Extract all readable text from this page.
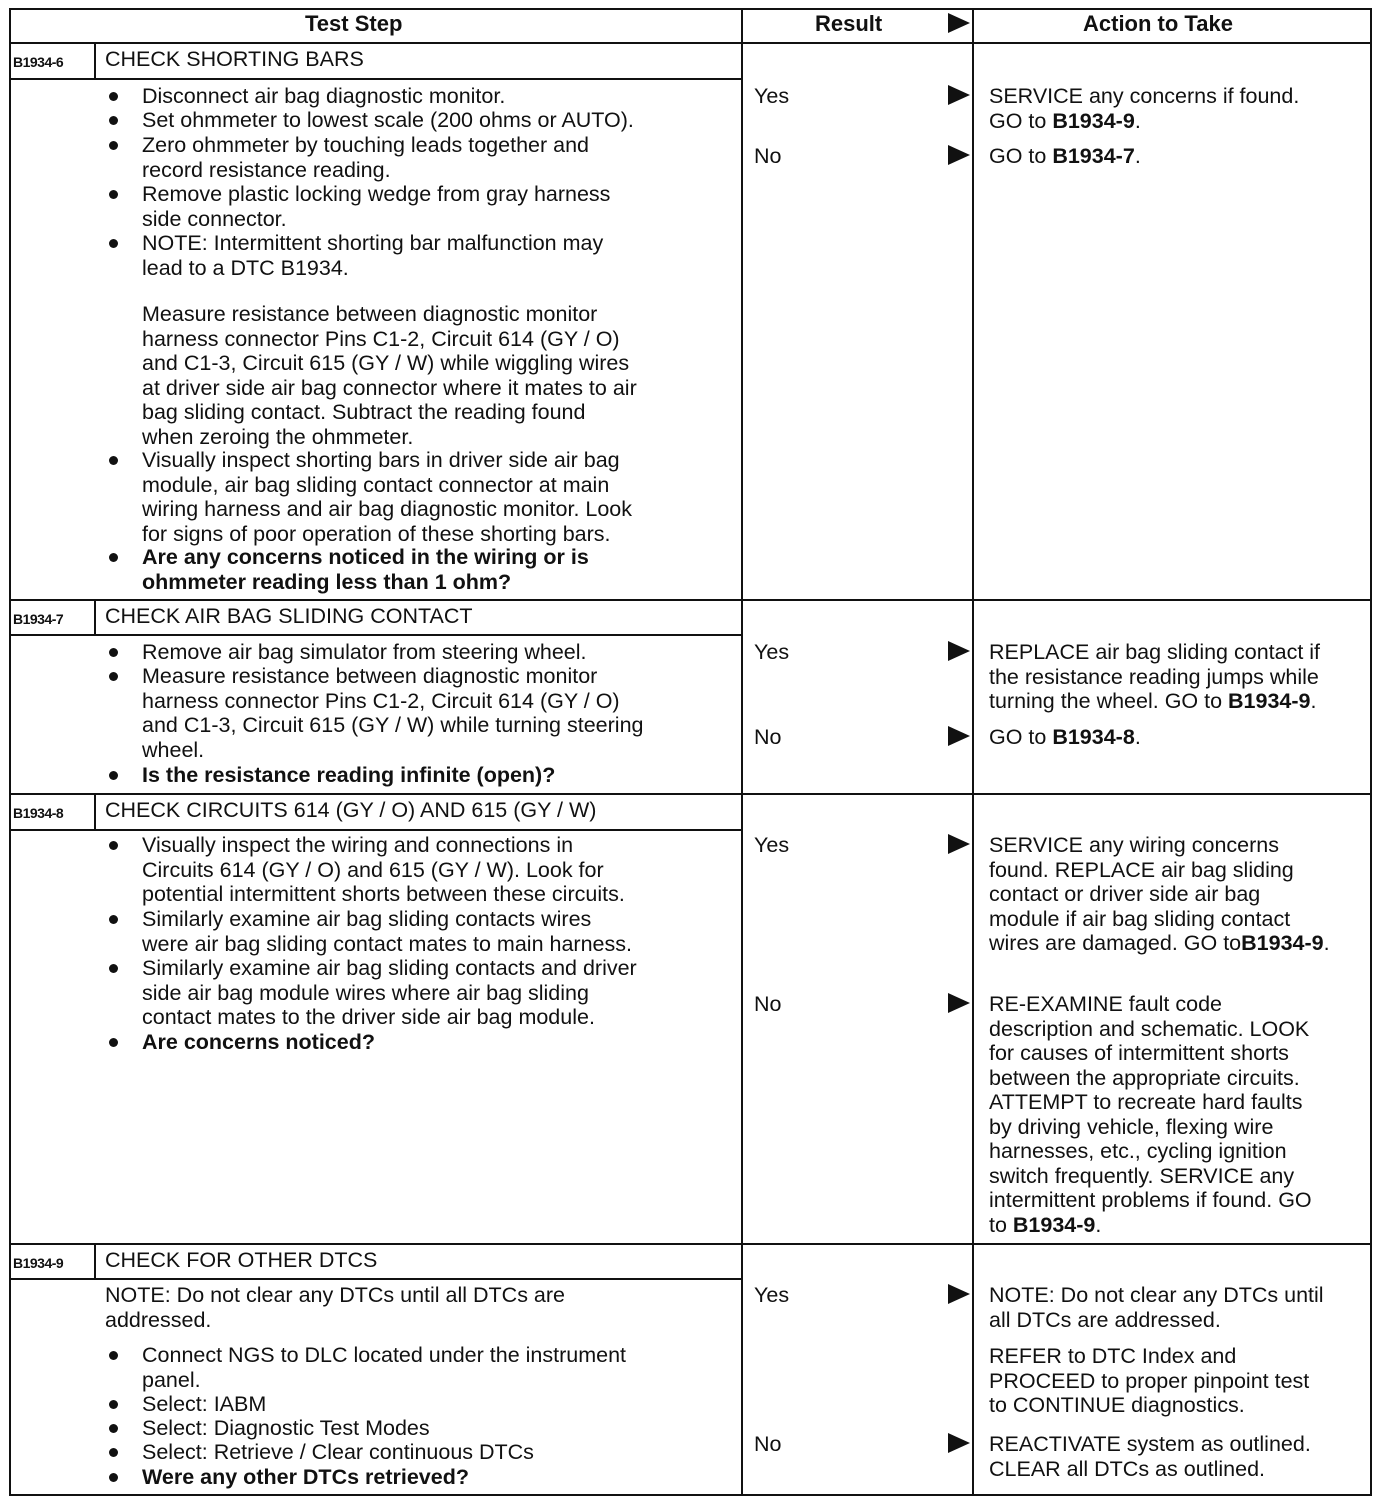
Test Step	Result	Action to Take
B1934-6 CHECK SHORTING BARS
Disconnect air bag diagnostic monitor.
Set ohmmeter to lowest scale (200 ohms or AUTO).
Zero ohmmeter by touching leads together and
record resistance reading.
Remove plastic locking wedge from gray harness
side connector.
NOTE: Intermittent shorting bar malfunction may
lead to a DTC B1934.
Measure resistance between diagnostic monitor
harness connector Pins C1-2, Circuit 614 (GY / O)
and C1-3, Circuit 615 (GY / W) while wiggling wires
at driver side air bag connector where it mates to air
bag sliding contact. Subtract the reading found
when zeroing the ohmmeter.
Visually inspect shorting bars in driver side air bag
module, air bag sliding contact connector at main
wiring harness and air bag diagnostic monitor. Look
for signs of poor operation of these shorting bars.
Are any concerns noticed in the wiring or is
ohmmeter reading less than 1 ohm?
Yes
No
SERVICE any concerns if found.
GO to B1934-9.
GO to B1934-7.
B1934-7 CHECK AIR BAG SLIDING CONTACT
Remove air bag simulator from steering wheel.
Measure resistance between diagnostic monitor
harness connector Pins C1-2, Circuit 614 (GY / O)
and C1-3, Circuit 615 (GY / W) while turning steering
wheel.
Is the resistance reading infinite (open)?
Yes
No
REPLACE air bag sliding contact if
the resistance reading jumps while
turning the wheel. GO to B1934-9.
GO to B1934-8.
B1934-8 CHECK CIRCUITS 614 (GY / O) AND 615 (GY / W)
Visually inspect the wiring and connections in
Circuits 614 (GY / O) and 615 (GY / W). Look for
potential intermittent shorts between these circuits.
Similarly examine air bag sliding contacts wires
were air bag sliding contact mates to main harness.
Similarly examine air bag sliding contacts and driver
side air bag module wires where air bag sliding
contact mates to the driver side air bag module.
Are concerns noticed?
Yes
No
SERVICE any wiring concerns
found. REPLACE air bag sliding
contact or driver side air bag
module if air bag sliding contact
wires are damaged. GO toB1934-9.
RE-EXAMINE fault code
description and schematic. LOOK
for causes of intermittent shorts
between the appropriate circuits.
ATTEMPT to recreate hard faults
by driving vehicle, flexing wire
harnesses, etc., cycling ignition
switch frequently. SERVICE any
intermittent problems if found. GO
to B1934-9.
B1934-9 CHECK FOR OTHER DTCS
Connect NGS to DLC located under the instrument
panel.
Select: IABM
Select: Diagnostic Test Modes
Select: Retrieve / Clear continuous DTCs
NOTE: Do not clear any DTCs until all DTCs are
addressed.
Were any other DTCs retrieved?
Yes
No
NOTE: Do not clear any DTCs until
all DTCs are addressed.
REFER to DTC Index and
PROCEED to proper pinpoint test
to CONTINUE diagnostics.
REACTIVATE system as outlined.
CLEAR all DTCs as outlined.
